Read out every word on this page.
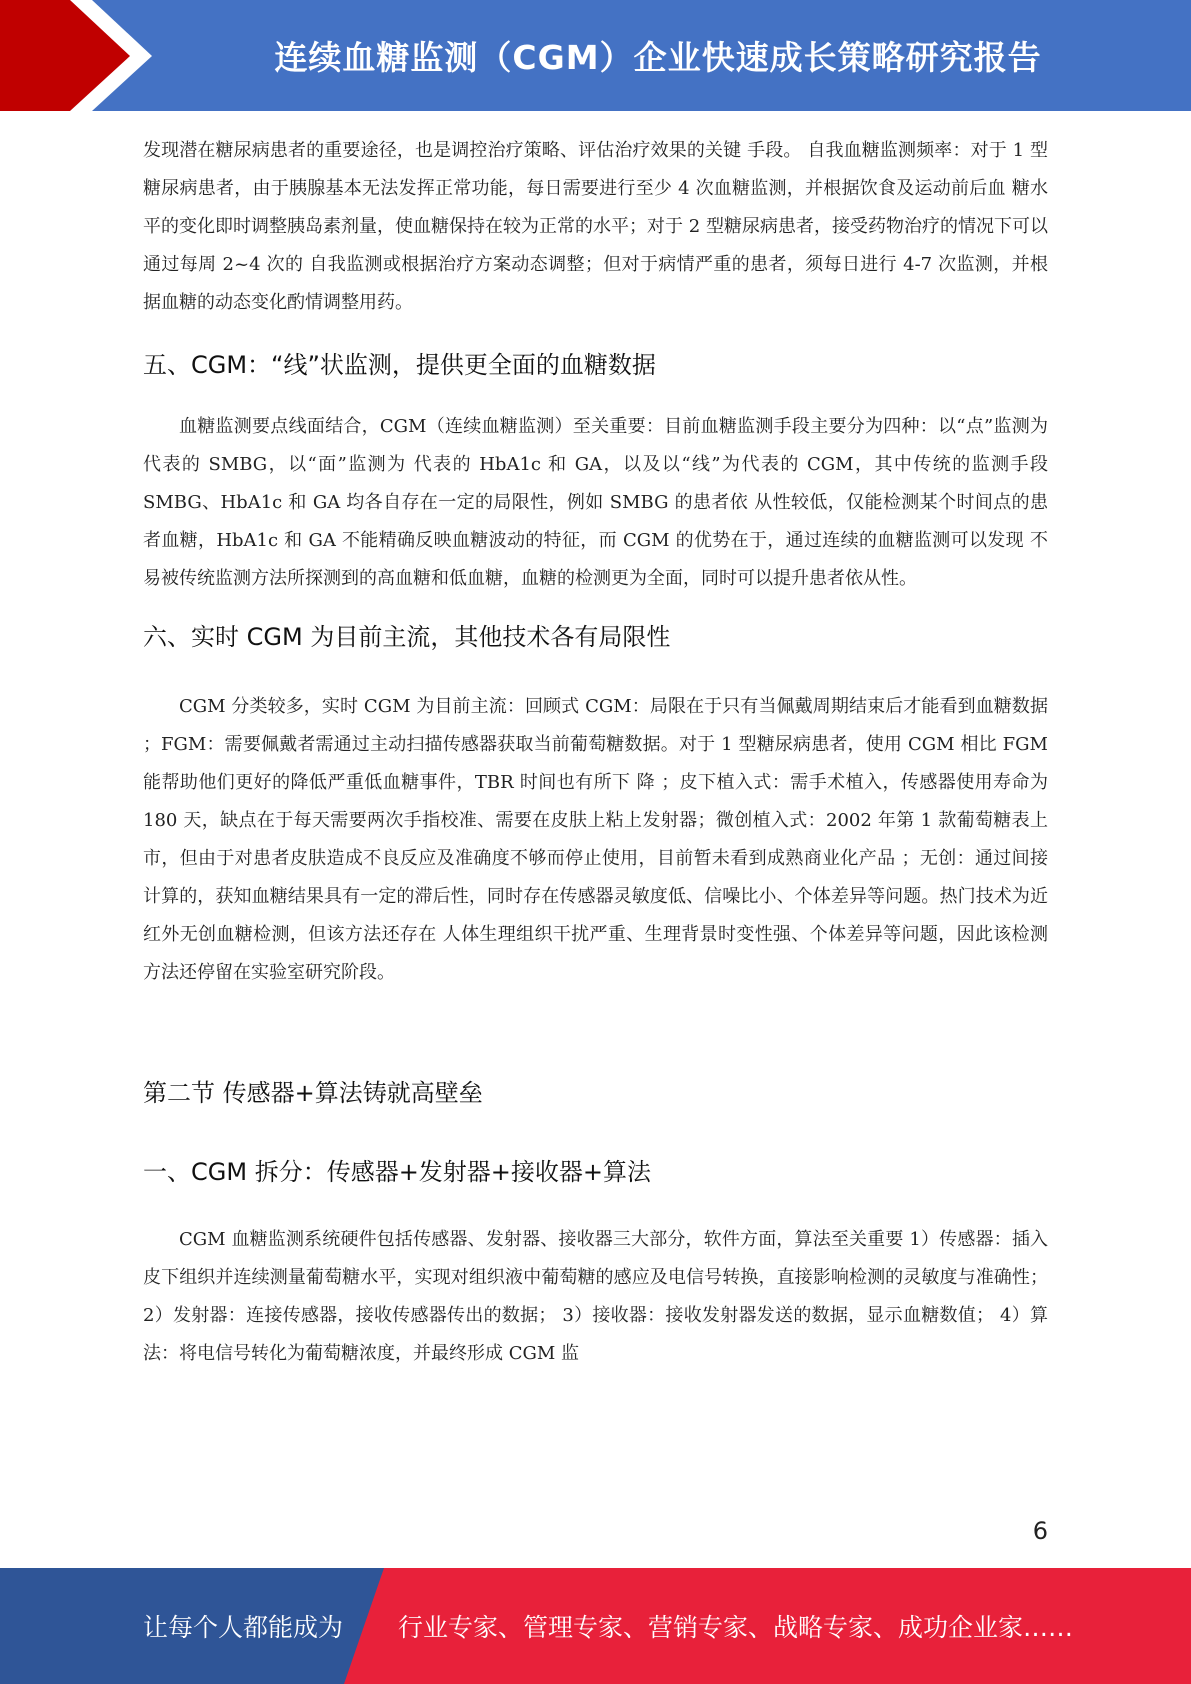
连续血糖监测（CGM）企业快速成长策略研究报告

发现潜在糖尿病患者的重要途径，也是调控治疗策略、评估治疗效果的关键 手段。 自我血糖监测频率：对于 1 型糖尿病患者，由于胰腺基本无法发挥正常功能，每日需要进行至少 4 次血糖监测，并根据饮食及运动前后血 糖水平的变化即时调整胰岛素剂量，使血糖保持在较为正常的水平；对于 2 型糖尿病患者，接受药物治疗的情况下可以通过每周 2~4 次的 自我监测或根据治疗方案动态调整；但对于病情严重的患者，须每日进行 4-7 次监测，并根据血糖的动态变化酌情调整用药。

五、CGM：“线”状监测，提供更全面的血糖数据

血糖监测要点线面结合，CGM（连续血糖监测）至关重要：目前血糖监测手段主要分为四种：以“点”监测为代表的 SMBG，以“面”监测为 代表的 HbA1c 和 GA，以及以“线”为代表的 CGM，其中传统的监测手段 SMBG、HbA1c 和 GA 均各自存在一定的局限性，例如 SMBG 的患者依 从性较低，仅能检测某个时间点的患者血糖，HbA1c 和 GA 不能精确反映血糖波动的特征，而 CGM 的优势在于，通过连续的血糖监测可以发现 不易被传统监测方法所探测到的高血糖和低血糖，血糖的检测更为全面，同时可以提升患者依从性。

六、实时 CGM 为目前主流，其他技术各有局限性

CGM 分类较多，实时 CGM 为目前主流：回顾式 CGM：局限在于只有当佩戴周期结束后才能看到血糖数据 ；FGM：需要佩戴者需通过主动扫描传感器获取当前葡萄糖数据。对于 1 型糖尿病患者，使用 CGM 相比 FGM 能帮助他们更好的降低严重低血糖事件，TBR 时间也有所下 降 ；皮下植入式：需手术植入，传感器使用寿命为 180 天，缺点在于每天需要两次手指校准、需要在皮肤上粘上发射器；微创植入式：2002 年第 1 款葡萄糖表上市，但由于对患者皮肤造成不良反应及准确度不够而停止使用，目前暂未看到成熟商业化产品 ；无创：通过间接计算的，获知血糖结果具有一定的滞后性，同时存在传感器灵敏度低、信噪比小、个体差异等问题。热门技术为近红外无创血糖检测，但该方法还存在 人体生理组织干扰严重、生理背景时变性强、个体差异等问题，因此该检测方法还停留在实验室研究阶段。

第二节 传感器+算法铸就高壁垒
一、CGM 拆分：传感器+发射器+接收器+算法

CGM 血糖监测系统硬件包括传感器、发射器、接收器三大部分，软件方面，算法至关重要 1）传感器：插入皮下组织并连续测量葡萄糖水平，实现对组织液中葡萄糖的感应及电信号转换，直接影响检测的灵敏度与准确性； 2）发射器：连接传感器，接收传感器传出的数据； 3）接收器：接收发射器发送的数据，显示血糖数值； 4）算法：将电信号转化为葡萄糖浓度，并最终形成 CGM 监

6
让每个人都能成为 行业专家、管理专家、营销专家、战略专家、成功企业家……
